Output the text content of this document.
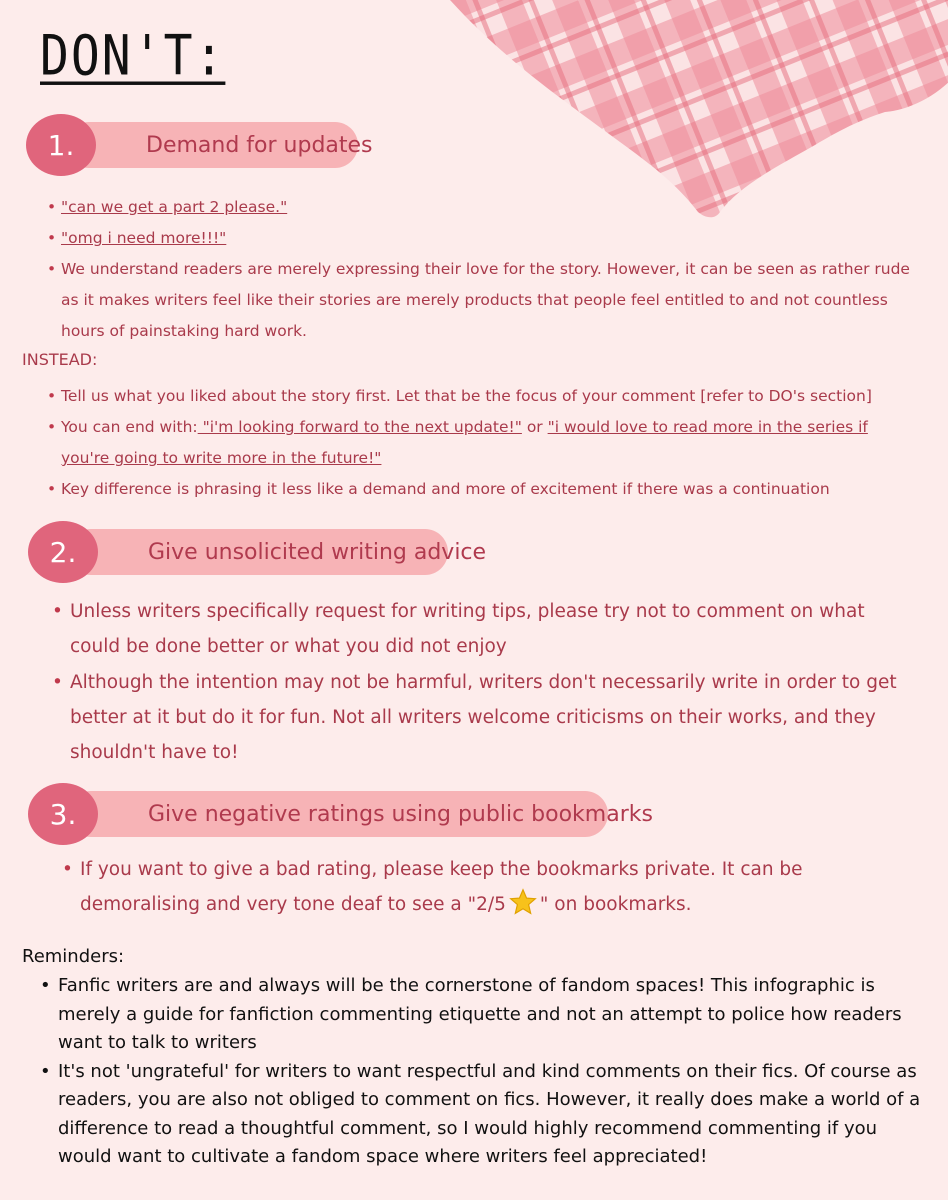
DON'T:
Demand for updates
1.
• "can we get a part 2 please."
• "omg i need more!!!"
• We understand readers are merely expressing their love for the story. However, it can be seen as rather rude as it makes writers feel like their stories are merely products that people feel entitled to and not countless hours of painstaking hard work.
INSTEAD:
• Tell us what you liked about the story first. Let that be the focus of your comment [refer to DO's section]
• You can end with: "i'm looking forward to the next update!" or "i would love to read more in the series if you're going to write more in the future!"
• Key difference is phrasing it less like a demand and more of excitement if there was a continuation
Give unsolicited writing advice
2.
• Unless writers specifically request for writing tips, please try not to comment on what could be done better or what you did not enjoy
• Although the intention may not be harmful, writers don't necessarily write in order to get better at it but do it for fun. Not all writers welcome criticisms on their works, and they shouldn't have to!
Give negative ratings using public bookmarks
3.
• If you want to give a bad rating, please keep the bookmarks private. It can be demoralising and very tone deaf to see a "2/5 " on bookmarks.
Reminders:
• Fanfic writers are and always will be the cornerstone of fandom spaces! This infographic is merely a guide for fanfiction commenting etiquette and not an attempt to police how readers want to talk to writers
• It's not 'ungrateful' for writers to want respectful and kind comments on their fics. Of course as readers, you are also not obliged to comment on fics. However, it really does make a world of a difference to read a thoughtful comment, so I would highly recommend commenting if you would want to cultivate a fandom space where writers feel appreciated!
